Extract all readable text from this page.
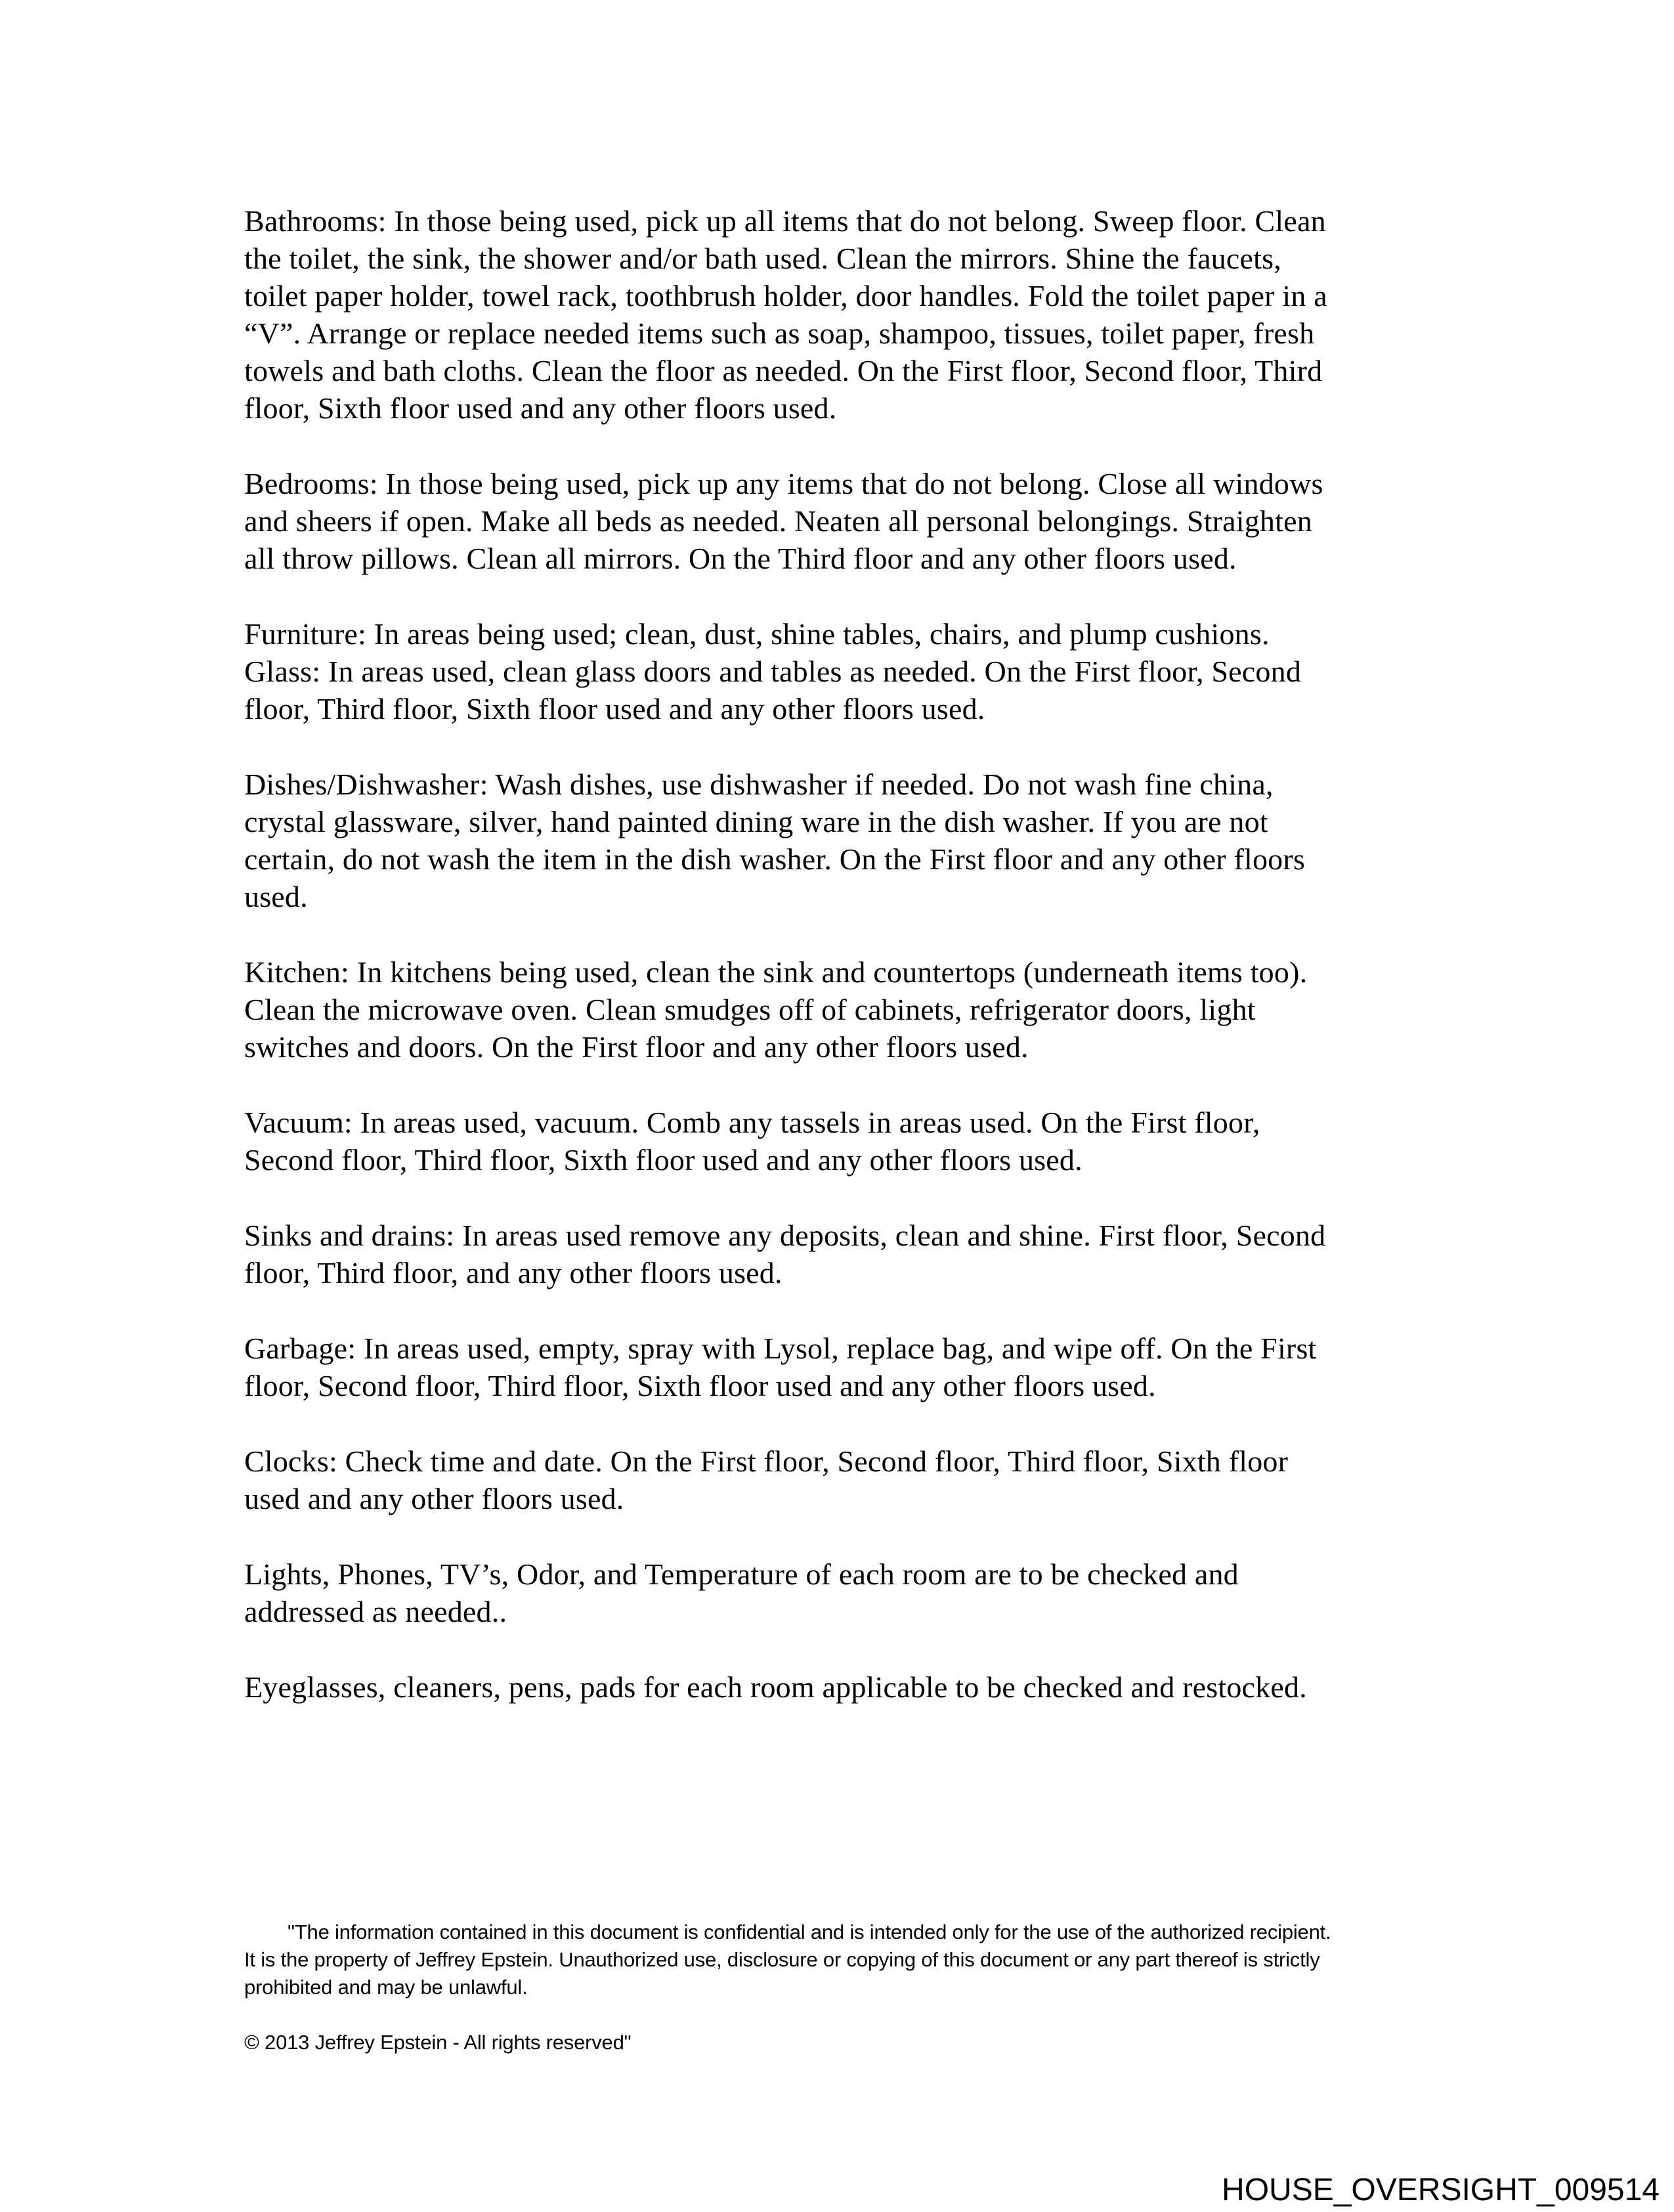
Bathrooms: In those being used, pick up all items that do not belong. Sweep floor. Clean
the toilet, the sink, the shower and/or bath used. Clean the mirrors. Shine the faucets,
toilet paper holder, towel rack, toothbrush holder, door handles. Fold the toilet paper in a
“V”. Arrange or replace needed items such as soap, shampoo, tissues, toilet paper, fresh
towels and bath cloths. Clean the floor as needed. On the First floor, Second floor, Third
floor, Sixth floor used and any other floors used.
Bedrooms: In those being used, pick up any items that do not belong. Close all windows
and sheers if open. Make all beds as needed. Neaten all personal belongings. Straighten
all throw pillows. Clean all mirrors. On the Third floor and any other floors used.
Furniture: In areas being used; clean, dust, shine tables, chairs, and plump cushions.
Glass: In areas used, clean glass doors and tables as needed. On the First floor, Second
floor, Third floor, Sixth floor used and any other floors used.
Dishes/Dishwasher: Wash dishes, use dishwasher if needed. Do not wash fine china,
crystal glassware, silver, hand painted dining ware in the dish washer. If you are not
certain, do not wash the item in the dish washer. On the First floor and any other floors
used.
Kitchen: In kitchens being used, clean the sink and countertops (underneath items too).
Clean the microwave oven. Clean smudges off of cabinets, refrigerator doors, light
switches and doors. On the First floor and any other floors used.
Vacuum: In areas used, vacuum. Comb any tassels in areas used. On the First floor,
Second floor, Third floor, Sixth floor used and any other floors used.
Sinks and drains: In areas used remove any deposits, clean and shine. First floor, Second
floor, Third floor, and any other floors used.
Garbage: In areas used, empty, spray with Lysol, replace bag, and wipe off. On the First
floor, Second floor, Third floor, Sixth floor used and any other floors used.
Clocks: Check time and date. On the First floor, Second floor, Third floor, Sixth floor
used and any other floors used.
Lights, Phones, TV’s, Odor, and Temperature of each room are to be checked and
addressed as needed..
Eyeglasses, cleaners, pens, pads for each room applicable to be checked and restocked.
"The information contained in this document is confidential and is intended only for the use of the authorized recipient.
It is the property of Jeffrey Epstein. Unauthorized use, disclosure or copying of this document or any part thereof is strictly
prohibited and may be unlawful.
© 2013 Jeffrey Epstein - All rights reserved"
HOUSE_OVERSIGHT_009514
